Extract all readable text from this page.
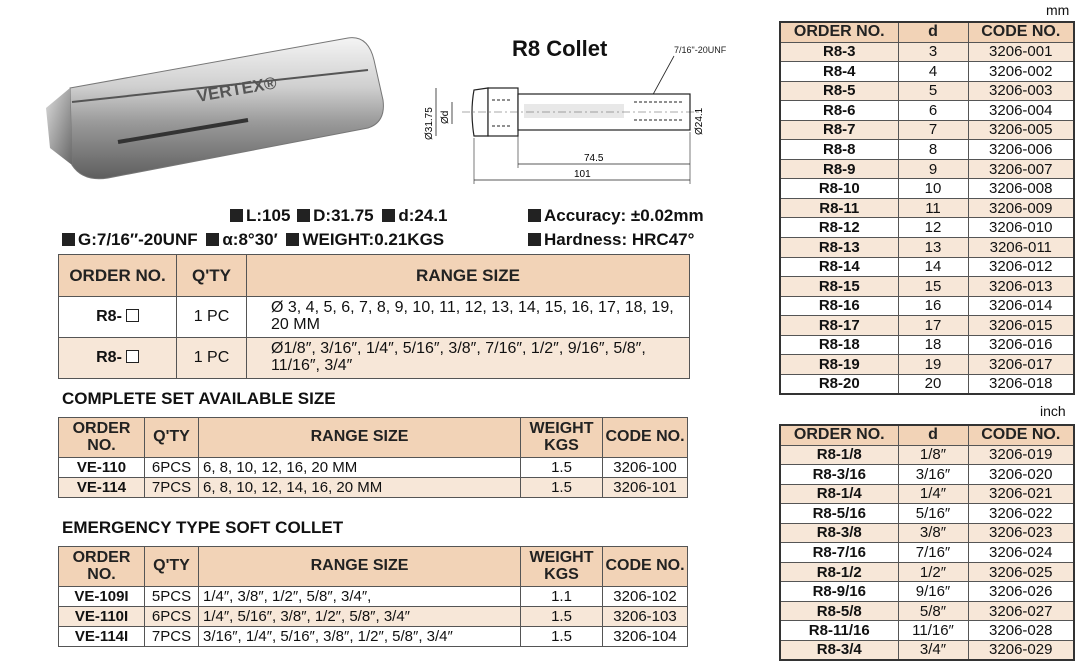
VERTEX®
R8 Collet	7/16"-20UNF
Ø31.75 Ød	Ø24.1
74.5
101
L:105 D:31.75 d:24.1	Accuracy: ±0.02mm
G:7/16″-20UNF α:8°30′ WEIGHT:0.21KGS	Hardness: HRC47°
ORDER NO.	Q'TY	RANGE SIZE
R8-	1 PC	Ø 3, 4, 5, 6, 7, 8, 9, 10, 11, 12, 13, 14, 15, 16, 17, 18, 19, 20 MM
R8-	1 PC	Ø1/8″, 3/16″, 1/4″, 5/16″, 3/8″, 7/16″, 1/2″, 9/16″, 5/8″, 11/16″, 3/4″
COMPLETE SET AVAILABLE SIZE
ORDER NO.	Q'TY	RANGE SIZE	WEIGHT KGS	CODE NO.
VE-110	6PCS	6, 8, 10, 12, 16, 20 MM	1.5	3206-100
VE-114	7PCS	6, 8, 10, 12, 14, 16, 20 MM	1.5	3206-101
EMERGENCY TYPE SOFT COLLET
ORDER NO.	Q'TY	RANGE SIZE	WEIGHT KGS	CODE NO.
VE-109I	5PCS	1/4″, 3/8″, 1/2″, 5/8″, 3/4″,	1.1	3206-102
VE-110I	6PCS	1/4″, 5/16″, 3/8″, 1/2″, 5/8″, 3/4″	1.5	3206-103
VE-114I	7PCS	3/16″, 1/4″, 5/16″, 3/8″, 1/2″, 5/8″, 3/4″	1.5	3206-104
mm
inch
ORDER NO.	d	CODE NO.
R8-3	3	3206-001
R8-4	4	3206-002
R8-5	5	3206-003
R8-6	6	3206-004
R8-7	7	3206-005
R8-8	8	3206-006
R8-9	9	3206-007
R8-10	10	3206-008
R8-11	11	3206-009
R8-12	12	3206-010
R8-13	13	3206-011
R8-14	14	3206-012
R8-15	15	3206-013
R8-16	16	3206-014
R8-17	17	3206-015
R8-18	18	3206-016
R8-19	19	3206-017
R8-20	20	3206-018
ORDER NO.	d	CODE NO.
R8-1/8	1/8″	3206-019
R8-3/16	3/16″	3206-020
R8-1/4	1/4″	3206-021
R8-5/16	5/16″	3206-022
R8-3/8	3/8″	3206-023
R8-7/16	7/16″	3206-024
R8-1/2	1/2″	3206-025
R8-9/16	9/16″	3206-026
R8-5/8	5/8″	3206-027
R8-11/16	11/16″	3206-028
R8-3/4	3/4″	3206-029
